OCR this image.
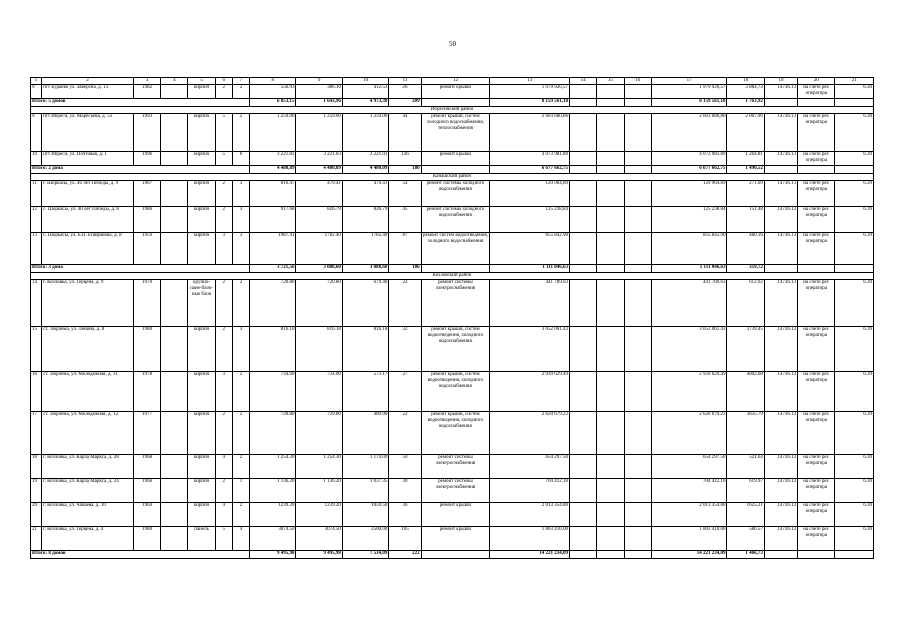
50
1	2	3	4	5	6	7	8	9	10	11	12	13	14	15	16	17	18	19	20	21
9	пгт Бураево ул. Заверсна, д. 13	1982		кирпич	2	2	556.93	386.10	412.53	26	ремонт крыши	1 979 926,57				1 979 926,57	3 884,73	14736.13	на счете рег. оператора	6.30
Итого: 5 домов							6 053,15	1 643,96	4 973,30	209		8 159 561,18				8 159 561,18	1 763,92			
Ибресинский район																				
9	пгт Ибреси, ул. Маресьева, д. 53	1993		кирпич	5	2	1 259.06	1 259.06	1 259.06	44	ремонт крыши, систем холодного водоснабжения, теплоснабжения	2 603 680,86				2 603 680,86	2 067.96	14736.13	на счете рег. оператора	6.30
10	пгт Ибреси, ул. Почтовая, д. 1	1996		кирпич	5	6	3 221.83	3 221.03	3 221.03	136	ремонт крыши	4 073 981.89				4 073 981.89	1 264.81	14736.13	на счете рег. оператора	6.39
Итого: 2 дома							4 480,89	4 480,09	4 480,09	180		6 677 662,75				6 677 662,75	1 490,52			
Канашский район																				
11	г. Шоркасы, ул. 40 лет Победы, д. 9	1987		кирпич	2	3	816.47	479.41	479.41	54	ремонт системы холодного водоснабжения	129 964,89				129 964.89	271.09	14736.13	на счете рег. оператора	6.39
12	с. Шоркасы, ул. 40 лет Победы, д. 8	1986		кирпич	2	3	917.68	826.79	826.79	45	ремонт системы холодного водоснабжения	125 238,84				125 238.84	151.48	14736.13	на счете рег. оператора	6.39
13	с. Шоркасы, ул. Б.П. Епифанова, д. 8	1959		кирпич	3	3	1987.41	1782.40	1782.40	87	ремонт систем водоотведения, холодного водоснабжения	855 842.90				855 842.90	480.16	14736.13	на счете рег. оператора	6.39
Итого: 3 дома							3 721,56	3 088,60	3 088,60	186		1 111 046,63				1 111 046,63	359,72			
Козловский район																				
14	г. Козловка, ул. Герцена, д. 9	1970		крупно-пане-блоч-ные блок	2	2	720.80	720.80	679.40	22	ремонт системы электроснабжения	441 789.63				441 789.63	612.92	14736.13	на счете рег. оператора	6.39
15	ст. Тюрлема, ул. Ленина, д. 8	1980		кирпич	2	3	816.18	816.18	816.18	32	ремонт крыши, систем водоотведения, холодного водоснабжения	3 052 061.43				3 052 061.43	3739.45	14736.13	на счете рег. оператора	6.39
16	ст. Тюрлема, ул. Молодежная, д. 11	1978		кирпич	3	2	734.00	734.00	573.17	27	ремонт крыши, систем водоотведения, холодного водоснабжения	2 939 629.49				2 939 629.49	4002.68	14736.13	на счете рег. оператора	6.39
17	ст. Тюрлема, ул. Молодежная, д. 12	1977		кирпич	2	2	720.80	729.80	489.00	22	ремонт крыши, систем водоотведения, холодного водоснабжения	2 620 679.23				2 620 679.23	3635.79	14736.13	на счете рег. оператора	6.39
18	г. Козловка, ул. Карла Маркса, д. 28	1968		кирпич	4	2	1 254.30	1 254.30	1 174.09	50	ремонт системы электроснабжения	654 297.50				654 297.50	521.64	14736.13	на счете рег. оператора	6.30
19	г. Козловка, ул. Карла Маркса, д. 24	1966		кирпич	2	1	1 136.20	1 136.20	1 037.35	30	ремонт системы электроснабжения	704 412.10				704 412.10	619.97	14736.13	на счете рег. оператора	6.30
20	г. Козловка, ул. Чапаева, д. 10	1964		кирпич	4	2	1239.20	1239.20	1059.50	36	ремонт крыши	2 013 354.80				2 013 354.80	1625.21	14736.13	на счете рег. оператора	6.30
21	г. Козловка, ул. Герцена, д. 4	1980		панель	5	4	3074.50	3074.50	2500.00	105	ремонт крыши	1 803 410.00				1 803 410.00	586.57	14736.13	на счете рег. оператора	6.30
Итого: 8 домов							9 495,98	9 495,98	7 534,09	222		14 221 234,09				14 221 234,09	1 466,73			
